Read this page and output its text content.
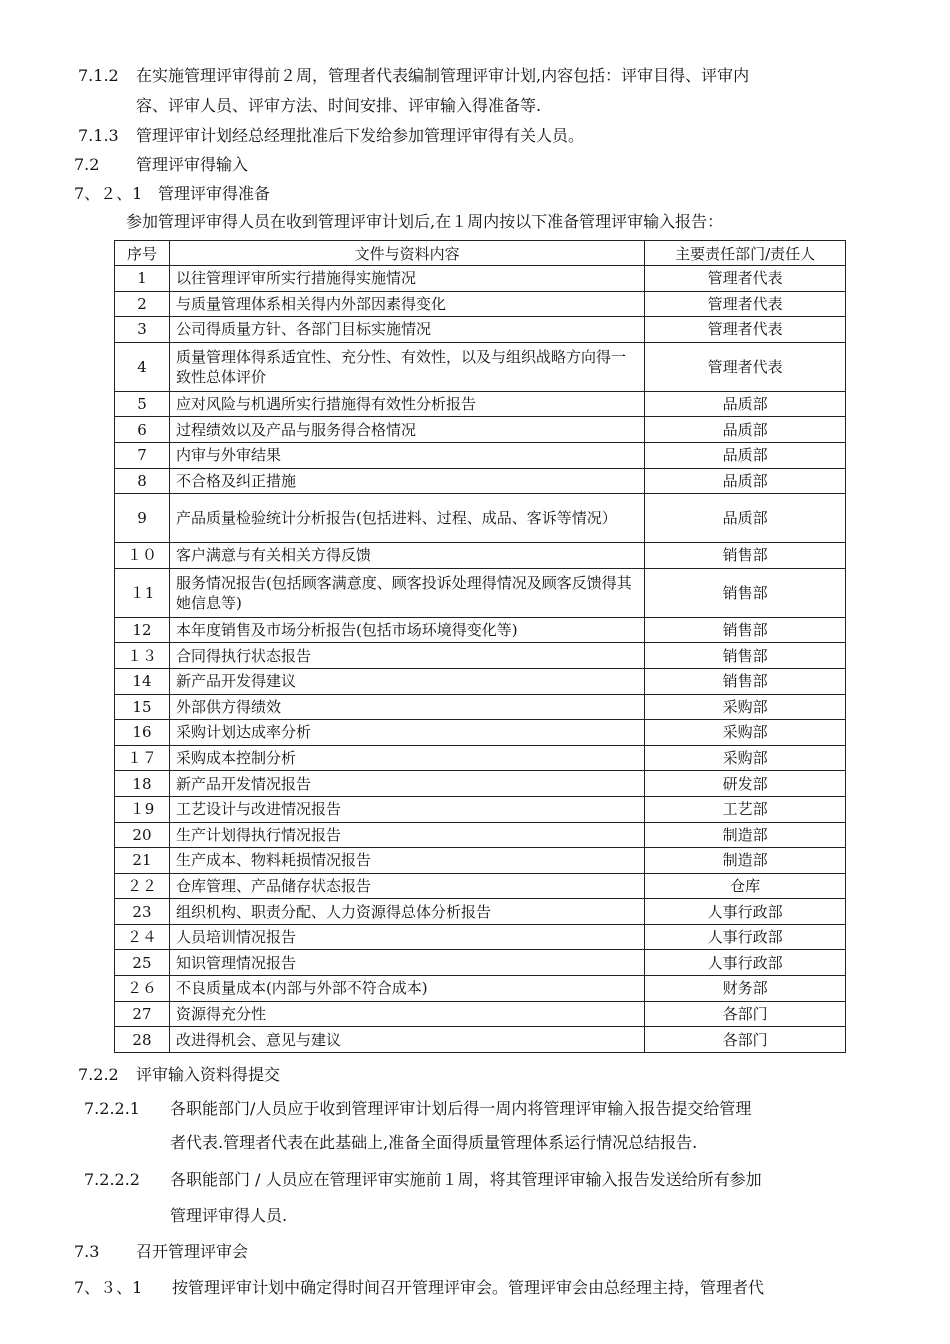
7.1.2 在实施管理评审得前２周，管理者代表编制管理评审计划,内容包括：评审目得、评审内
容、评审人员、评审方法、时间安排、评审输入得准备等.
7.1.3 管理评审计划经总经理批准后下发给参加管理评审得有关人员。
7.2 管理评审得输入
7、２、1 管理评审得准备
参加管理评审得人员在收到管理评审计划后,在１周内按以下准备管理评审输入报告：
序号	文件与资料内容	主要责任部门/责任人
1	以往管理评审所实行措施得实施情况	管理者代表
2	与质量管理体系相关得内外部因素得变化	管理者代表
3	公司得质量方针、各部门目标实施情况	管理者代表
4	质量管理体得系适宜性、充分性、有效性，以及与组织战略方向得一致性总体评价	管理者代表
5	应对风险与机遇所实行措施得有效性分析报告	品质部
6	过程绩效以及产品与服务得合格情况	品质部
7	内审与外审结果	品质部
8	不合格及纠正措施	品质部
9	产品质量检验统计分析报告(包括进料、过程、成品、客诉等情况）	品质部
１０	客户满意与有关相关方得反馈	销售部
１1	服务情况报告(包括顾客满意度、顾客投诉处理得情况及顾客反馈得其她信息等)	销售部
12	本年度销售及市场分析报告(包括市场环境得变化等)	销售部
１３	合同得执行状态报告	销售部
14	新产品开发得建议	销售部
15	外部供方得绩效	采购部
16	采购计划达成率分析	采购部
１７	采购成本控制分析	采购部
18	新产品开发情况报告	研发部
１9	工艺设计与改进情况报告	工艺部
20	生产计划得执行情况报告	制造部
21	生产成本、物料耗损情况报告	制造部
２２	仓库管理、产品储存状态报告	仓库
23	组织机构、职责分配、人力资源得总体分析报告	人事行政部
２４	人员培训情况报告	人事行政部
25	知识管理情况报告	人事行政部
２６	不良质量成本(内部与外部不符合成本)	财务部
27	资源得充分性	各部门
28	改进得机会、意见与建议	各部门
7.2.2 评审输入资料得提交
7.2.2.1 各职能部门/人员应于收到管理评审计划后得一周内将管理评审输入报告提交给管理
者代表.管理者代表在此基础上,准备全面得质量管理体系运行情况总结报告.
7.2.2.2 各职能部门 / 人员应在管理评审实施前１周，将其管理评审输入报告发送给所有参加
管理评审得人员.
7.3 召开管理评审会
7、３、1 按管理评审计划中确定得时间召开管理评审会。管理评审会由总经理主持，管理者代
